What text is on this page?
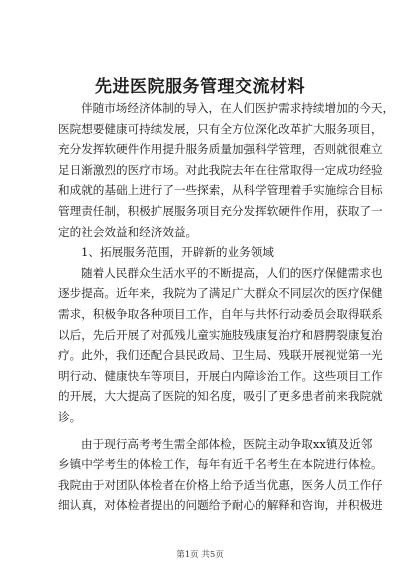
先进医院服务管理交流材料
伴随市场经济体制的导入，在人们医护需求持续增加的今天，
医院想要健康可持续发展，只有全方位深化改革扩大服务项目，
充分发挥软硬件作用提升服务质量加强科学管理，否则就很难立
足日渐激烈的医疗市场。对此我院去年在往常取得一定成功经验
和成就的基础上进行了一些探索，从科学管理着手实施综合目标
管理责任制，积极扩展服务项目充分发挥软硬件作用，获取了一
定的社会效益和经济效益。
1、拓展服务范围，开辟新的业务领域
随着人民群众生活水平的不断提高，人们的医疗保健需求也
逐步提高。近年来，我院为了满足广大群众不同层次的医疗保健
需求，积极争取各种项目工作，自年与共怀行动委员会取得联系
以后，先后开展了对孤残儿童实施肢残康复治疗和唇腭裂康复治
疗。此外，我们还配合县民政局、卫生局、残联开展视觉第一光
明行动、健康快车等项目，开展白内障诊治工作。这些项目工作
的开展，大大提高了医院的知名度，吸引了更多患者前来我院就
诊。
由于现行高考考生需全部体检，医院主动争取xx镇及近邻
乡镇中学考生的体检工作，每年有近千名考生在本院进行体检。
我院由于对团队体检者在价格上给予适当优惠，医务人员工作仔
细认真，对体检者提出的问题给予耐心的解释和咨询，并积极进
第1页 共5页
